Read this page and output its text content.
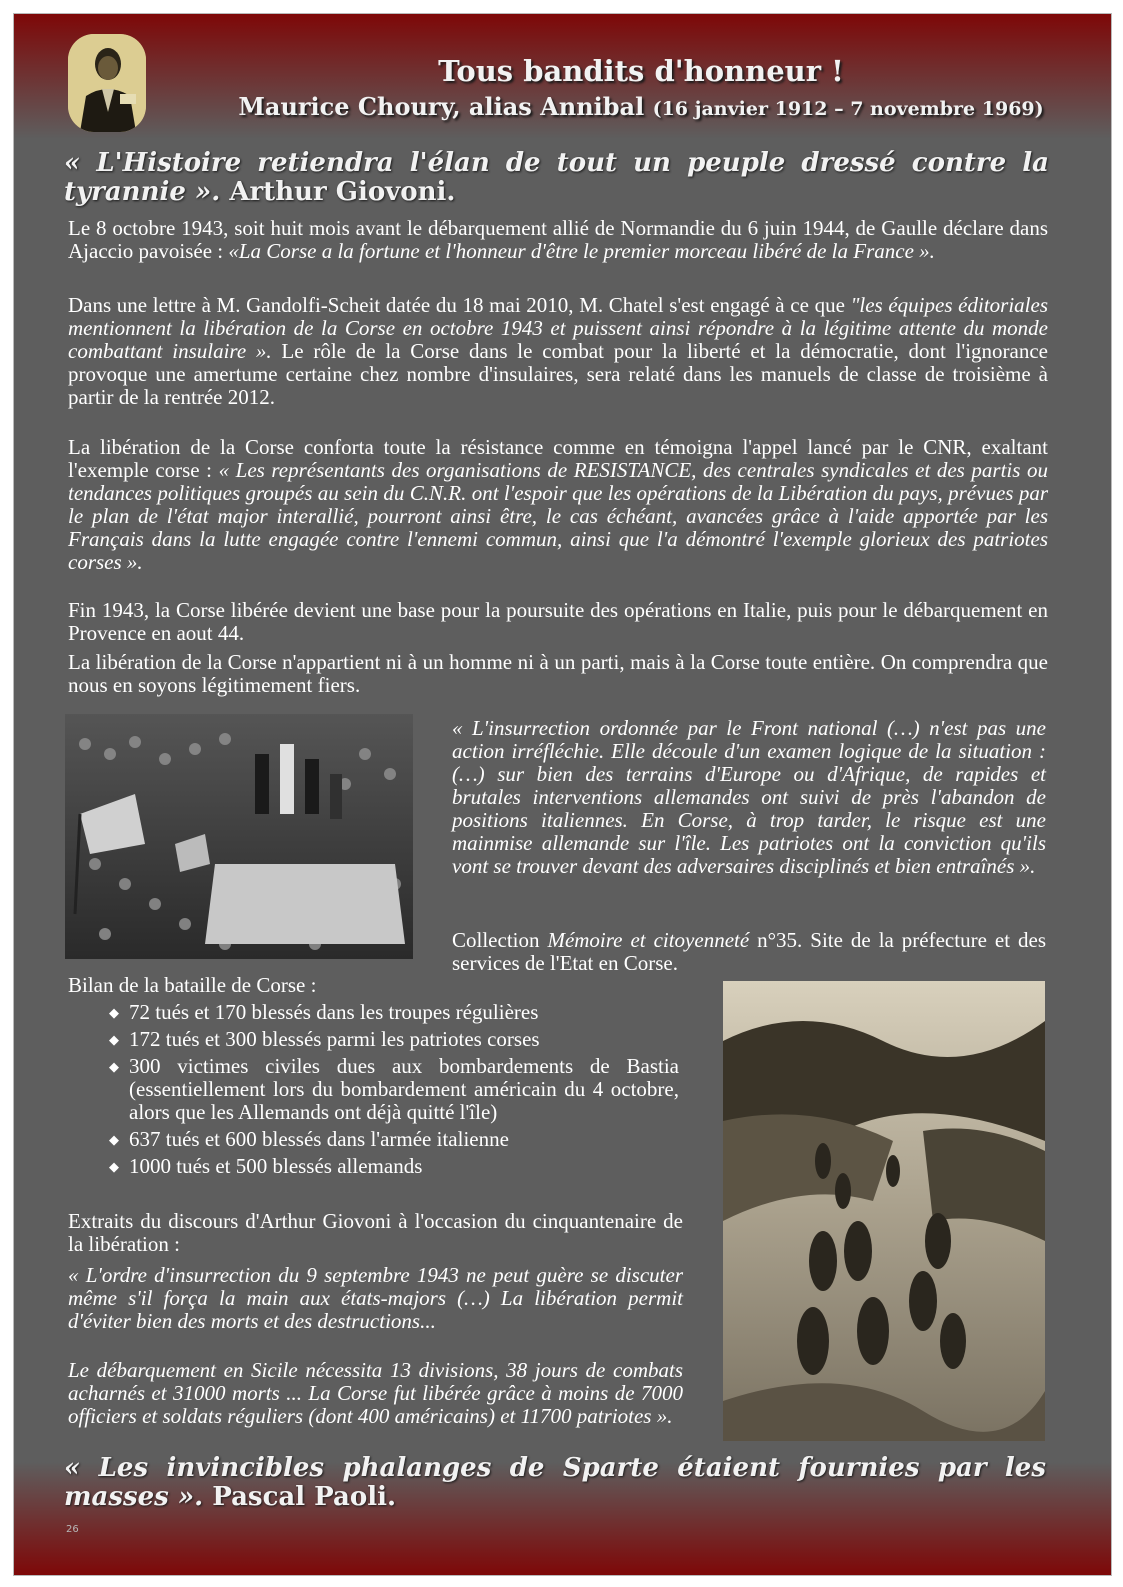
Tous bandits d'honneur !
Maurice Choury, alias Annibal (16 janvier 1912 – 7 novembre 1969)

« L'Histoire retiendra l'élan de tout un peuple dressé contre la tyrannie ». Arthur Giovoni.

Le 8 octobre 1943, soit huit mois avant le débarquement allié de Normandie du 6 juin 1944, de Gaulle déclare dans Ajaccio pavoisée : «La Corse a la fortune et l'honneur d'être le premier morceau libéré de la France ».

Dans une lettre à M. Gandolfi-Scheit datée du 18 mai 2010, M. Chatel s'est engagé à ce que "les équipes éditoriales mentionnent la libération de la Corse en octobre 1943 et puissent ainsi répondre à la légitime attente du monde combattant insulaire ». Le rôle de la Corse dans le combat pour la liberté et la démocratie, dont l'ignorance provoque une amertume certaine chez nombre d'insulaires, sera relaté dans les manuels de classe de troisième à partir de la rentrée 2012.

La libération de la Corse conforta toute la résistance comme en témoigna l'appel lancé par le CNR, exaltant l'exemple corse : « Les représentants des organisations de RESISTANCE, des centrales syndicales et des partis ou tendances politiques groupés au sein du C.N.R. ont l'espoir que les opérations de la Libération du pays, prévues par le plan de l'état major interallié, pourront ainsi être, le cas échéant, avancées grâce à l'aide apportée par les Français dans la lutte engagée contre l'ennemi commun, ainsi que l'a démontré l'exemple glorieux des patriotes corses ».

Fin 1943, la Corse libérée devient une base pour la poursuite des opérations en Italie, puis pour le débarquement en Provence en aout 44.

La libération de la Corse n'appartient ni à un homme ni à un parti, mais à la Corse toute entière. On comprendra que nous en soyons légitimement fiers.

« L'insurrection ordonnée par le Front national (…) n'est pas une action irréfléchie. Elle découle d'un examen logique de la situation : (…) sur bien des terrains d'Europe ou d'Afrique, de rapides et brutales interventions allemandes ont suivi de près l'abandon de positions italiennes. En Corse, à trop tarder, le risque est une mainmise allemande sur l'île. Les patriotes ont la conviction qu'ils vont se trouver devant des adversaires disciplinés et bien entraînés ».

Collection Mémoire et citoyenneté n°35. Site de la préfecture et des services de l'Etat en Corse.

Bilan de la bataille de Corse :

◆ 72 tués et 170 blessés dans les troupes régulières
◆ 172 tués et 300 blessés parmi les patriotes corses
◆ 300 victimes civiles dues aux bombardements de Bastia (essentiellement lors du bombardement américain du 4 octobre, alors que les Allemands ont déjà quitté l'île)
◆ 637 tués et 600 blessés dans l'armée italienne
◆ 1000 tués et 500 blessés allemands

Extraits du discours d'Arthur Giovoni à l'occasion du cinquantenaire de la libération :

« L'ordre d'insurrection du 9 septembre 1943 ne peut guère se discuter même s'il força la main aux états-majors (…) La libération permit d'éviter bien des morts et des destructions...

Le débarquement en Sicile nécessita 13 divisions, 38 jours de combats acharnés et 31000 morts ... La Corse fut libérée grâce à moins de 7000 officiers et soldats réguliers (dont 400 américains) et 11700 patriotes ».

« Les invincibles phalanges de Sparte étaient fournies par les masses ». Pascal Paoli.

26
